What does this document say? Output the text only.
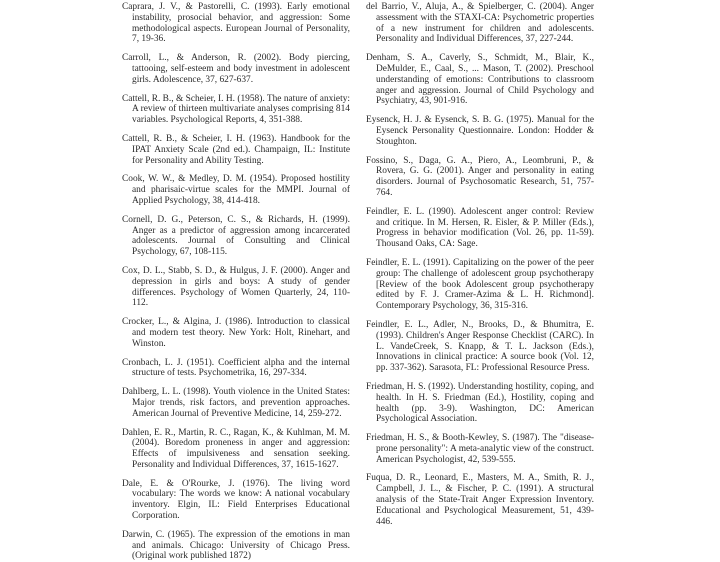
Caprara, J. V., & Pastorelli, C. (1993). Early emotional instability, prosocial behavior, and aggression: Some methodological aspects. European Journal of Personality, 7, 19-36.

Carroll, L., & Anderson, R. (2002). Body piercing, tattooing, self-esteem and body investment in adolescent girls. Adolescence, 37, 627-637.

Cattell, R. B., & Scheier, I. H. (1958). The nature of anxiety: A review of thirteen multivariate analyses comprising 814 variables. Psychological Reports, 4, 351-388.

Cattell, R. B., & Scheier, I. H. (1963). Handbook for the IPAT Anxiety Scale (2nd ed.). Champaign, IL: Institute for Personality and Ability Testing.

Cook, W. W., & Medley, D. M. (1954). Proposed hostility and pharisaic-virtue scales for the MMPI. Journal of Applied Psychology, 38, 414-418.

Cornell, D. G., Peterson, C. S., & Richards, H. (1999). Anger as a predictor of aggression among incarcerated adolescents. Journal of Consulting and Clinical Psychology, 67, 108-115.

Cox, D. L., Stabb, S. D., & Hulgus, J. F. (2000). Anger and depression in girls and boys: A study of gender differences. Psychology of Women Quarterly, 24, 110-112.

Crocker, L., & Algina, J. (1986). Introduction to classical and modern test theory. New York: Holt, Rinehart, and Winston.

Cronbach, L. J. (1951). Coefficient alpha and the internal structure of tests. Psychometrika, 16, 297-334.

Dahlberg, L. L. (1998). Youth violence in the United States: Major trends, risk factors, and prevention approaches. American Journal of Preventive Medicine, 14, 259-272.

Dahlen, E. R., Martin, R. C., Ragan, K., & Kuhlman, M. M. (2004). Boredom proneness in anger and aggression: Effects of impulsiveness and sensation seeking. Personality and Individual Differences, 37, 1615-1627.

Dale, E. & O'Rourke, J. (1976). The living word vocabulary: The words we know: A national vocabulary inventory. Elgin, IL: Field Enterprises Educational Corporation.

Darwin, C. (1965). The expression of the emotions in man and animals. Chicago: University of Chicago Press. (Original work published 1872)

del Barrio, V., Aluja, A., & Spielberger, C. (2004). Anger assessment with the STAXI-CA: Psychometric properties of a new instrument for children and adolescents. Personality and Individual Differences, 37, 227-244.

Denham, S. A., Caverly, S., Schmidt, M., Blair, K., DeMulder, E., Caal, S., ... Mason, T. (2002). Preschool understanding of emotions: Contributions to classroom anger and aggression. Journal of Child Psychology and Psychiatry, 43, 901-916.

Eysenck, H. J. & Eysenck, S. B. G. (1975). Manual for the Eysenck Personality Questionnaire. London: Hodder & Stoughton.

Fossino, S., Daga, G. A., Piero, A., Leombruni, P., & Rovera, G. G. (2001). Anger and personality in eating disorders. Journal of Psychosomatic Research, 51, 757-764.

Feindler, E. L. (1990). Adolescent anger control: Review and critique. In M. Hersen, R. Eisler, & P. Miller (Eds.), Progress in behavior modification (Vol. 26, pp. 11-59). Thousand Oaks, CA: Sage.

Feindler, E. L. (1991). Capitalizing on the power of the peer group: The challenge of adolescent group psychotherapy [Review of the book Adolescent group psychotherapy edited by F. J. Cramer-Azima & L. H. Richmond]. Contemporary Psychology, 36, 315-316.

Feindler, E. L., Adler, N., Brooks, D., & Bhumitra, E. (1993). Children's Anger Response Checklist (CARC). In L. VandeCreek, S. Knapp, & T. L. Jackson (Eds.), Innovations in clinical practice: A source book (Vol. 12, pp. 337-362). Sarasota, FL: Professional Resource Press.

Friedman, H. S. (1992). Understanding hostility, coping, and health. In H. S. Friedman (Ed.), Hostility, coping and health (pp. 3-9). Washington, DC: American Psychological Association.

Friedman, H. S., & Booth-Kewley, S. (1987). The "disease-prone personality": A meta-analytic view of the construct. American Psychologist, 42, 539-555.

Fuqua, D. R., Leonard, E., Masters, M. A., Smith, R. J., Campbell, J. L., & Fischer, P. C. (1991). A structural analysis of the State-Trait Anger Expression Inventory. Educational and Psychological Measurement, 51, 439-446.
